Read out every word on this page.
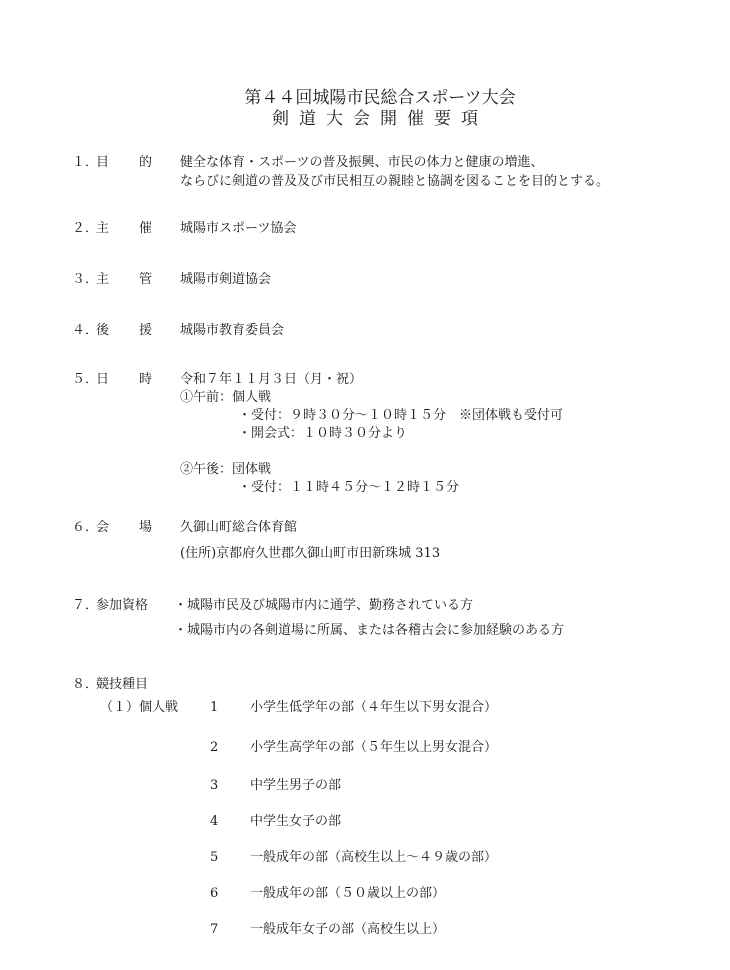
第４４回城陽市民総合スポーツ大会
剣道大会開催要項
１．
目 的 健全な体育・スポーツの普及振興、市民の体力と健康の増進、
ならびに剣道の普及及び市民相互の親睦と協調を図ることを目的とする。
２．
主 催 城陽市スポーツ協会
３．
主 管 城陽市剣道協会
４．
後 援 城陽市教育委員会
５．
日 時 令和７年１１月３日（月・祝）
①午前：個人戦
・受付：９時３０分～１０時１５分　※団体戦も受付可
・開会式：１０時３０分より
②午後：団体戦
・受付：１１時４５分～１２時１５分
６．
会 場 久御山町総合体育館
(住所)京都府久世郡久御山町市田新珠城 313
７．
参加資格 ・城陽市民及び城陽市内に通学、勤務されている方
・城陽市内の各剣道場に所属、または各稽古会に参加経験のある方
８．
競技種目
（１）個人戦 1 小学生低学年の部（４年生以下男女混合）
2 小学生高学年の部（５年生以上男女混合）
3 中学生男子の部
4 中学生女子の部
5 一般成年の部（高校生以上～４９歳の部）
6 一般成年の部（５０歳以上の部）
7 一般成年女子の部（高校生以上）
